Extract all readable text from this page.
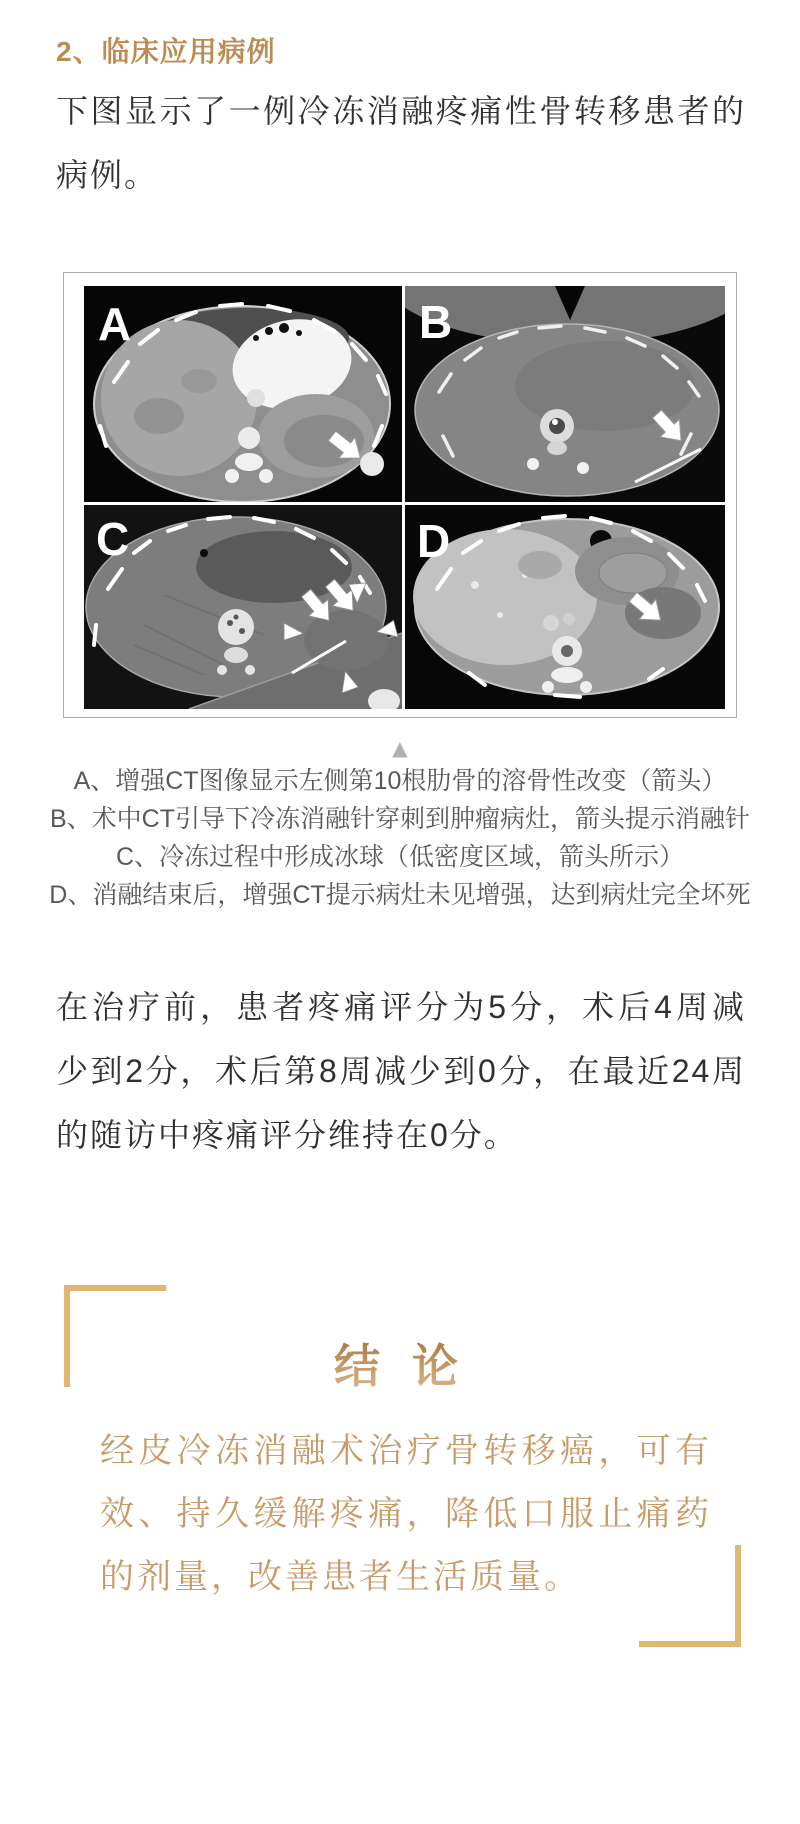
2、临床应用病例
下图显示了一例冷冻消融疼痛性骨转移患者的
病例。
A	B
C	D
▲
A、增强CT图像显示左侧第10根肋骨的溶骨性改变（箭头）
B、术中CT引导下冷冻消融针穿刺到肿瘤病灶，箭头提示消融针
C、冷冻过程中形成冰球（低密度区域，箭头所示）
D、消融结束后，增强CT提示病灶未见增强，达到病灶完全坏死
在治疗前，患者疼痛评分为5分，术后4周减
少到2分，术后第8周减少到0分，在最近24周
的随访中疼痛评分维持在0分。
结 论
经皮冷冻消融术治疗骨转移癌，可有
效、持久缓解疼痛，降低口服止痛药
的剂量，改善患者生活质量。
